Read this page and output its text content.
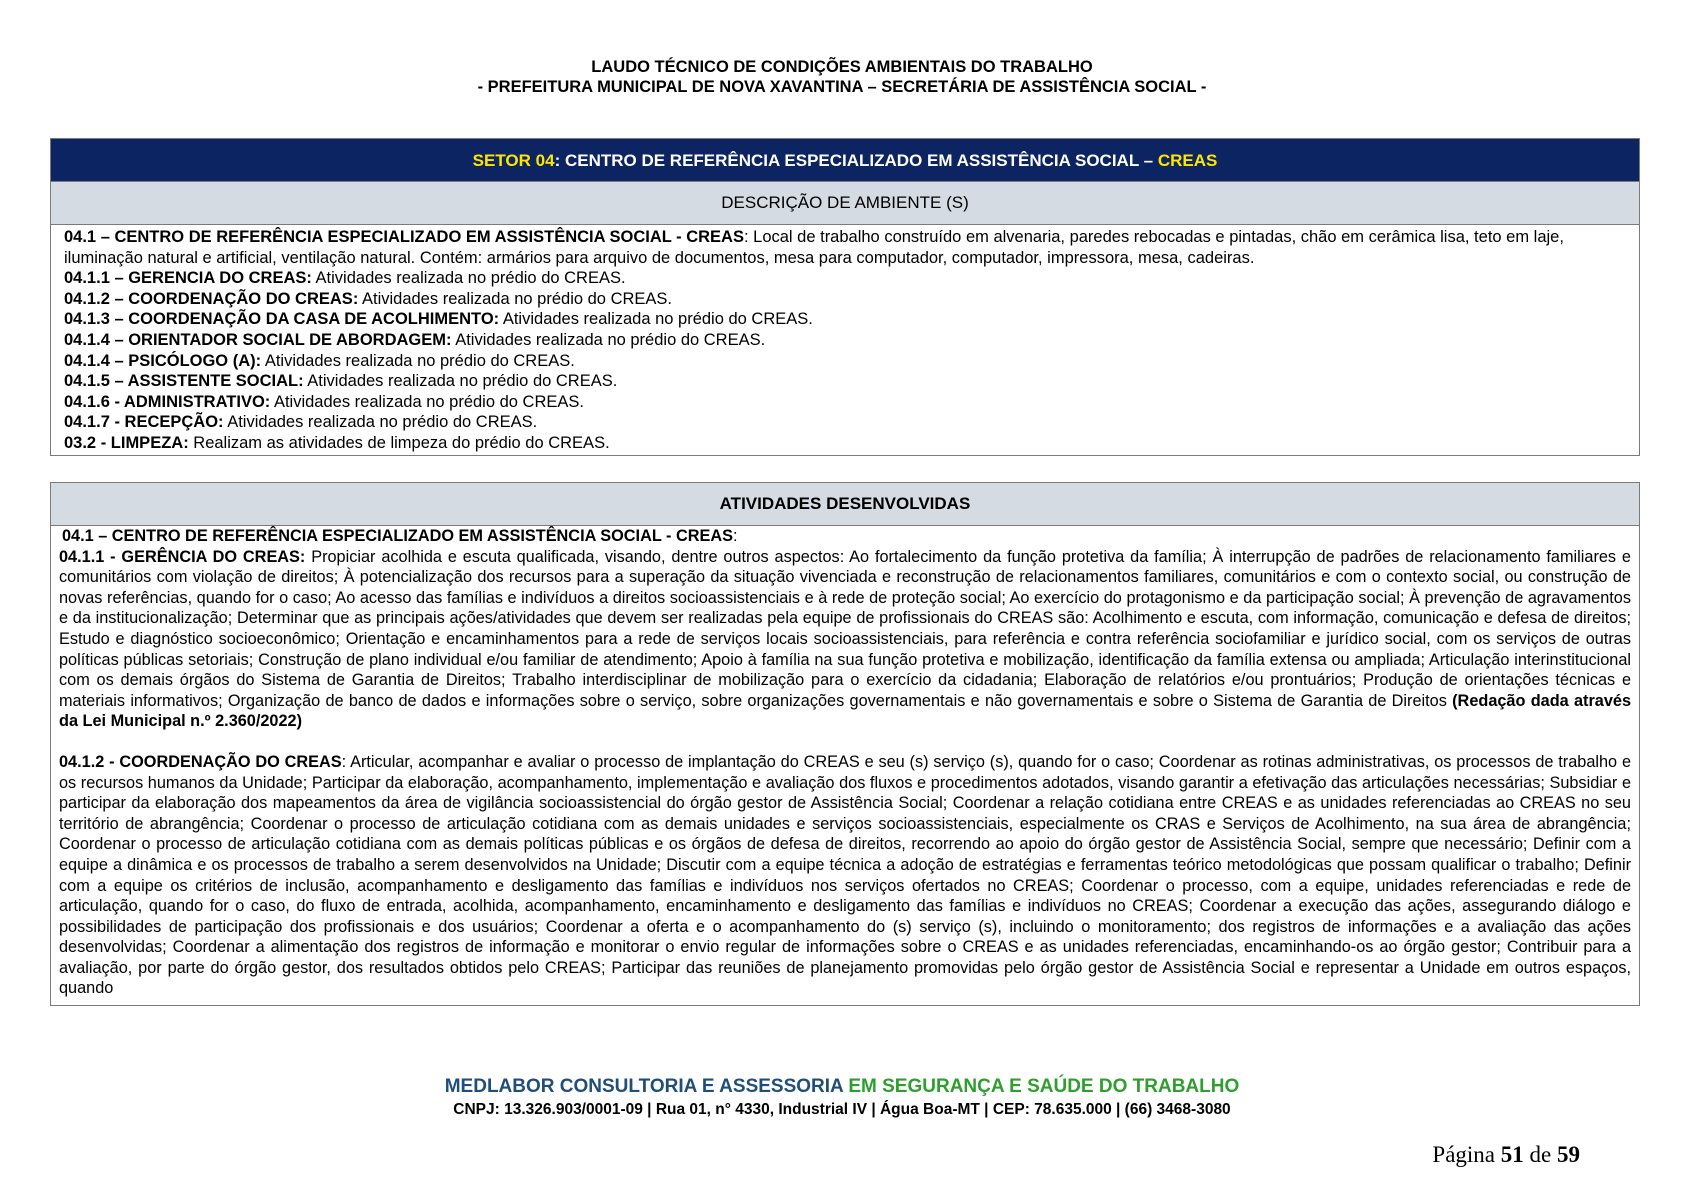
LAUDO TÉCNICO DE CONDIÇÕES AMBIENTAIS DO TRABALHO
- PREFEITURA MUNICIPAL DE NOVA XAVANTINA – SECRETÁRIA DE ASSISTÊNCIA SOCIAL -
SETOR 04: CENTRO DE REFERÊNCIA ESPECIALIZADO EM ASSISTÊNCIA SOCIAL – CREAS
DESCRIÇÃO DE AMBIENTE (S)

04.1 – CENTRO DE REFERÊNCIA ESPECIALIZADO EM ASSISTÊNCIA SOCIAL - CREAS: Local de trabalho construído em alvenaria, paredes rebocadas e pintadas, chão em cerâmica lisa, teto em laje, iluminação natural e artificial, ventilação natural. Contém: armários para arquivo de documentos, mesa para computador, computador, impressora, mesa, cadeiras.

04.1.1 – GERENCIA DO CREAS: Atividades realizada no prédio do CREAS.

04.1.2 – COORDENAÇÃO DO CREAS: Atividades realizada no prédio do CREAS.

04.1.3 – COORDENAÇÃO DA CASA DE ACOLHIMENTO: Atividades realizada no prédio do CREAS.

04.1.4 – ORIENTADOR SOCIAL DE ABORDAGEM: Atividades realizada no prédio do CREAS.

04.1.4 – PSICÓLOGO (A): Atividades realizada no prédio do CREAS.

04.1.5 – ASSISTENTE SOCIAL: Atividades realizada no prédio do CREAS.

04.1.6 - ADMINISTRATIVO: Atividades realizada no prédio do CREAS.

04.1.7 - RECEPÇÃO: Atividades realizada no prédio do CREAS.

03.2 - LIMPEZA: Realizam as atividades de limpeza do prédio do CREAS.

ATIVIDADES DESENVOLVIDAS

04.1 – CENTRO DE REFERÊNCIA ESPECIALIZADO EM ASSISTÊNCIA SOCIAL - CREAS:

04.1.1 - GERÊNCIA DO CREAS: Propiciar acolhida e escuta qualificada, visando, dentre outros aspectos: Ao fortalecimento da função protetiva da família; À interrupção de padrões de relacionamento familiares e comunitários com violação de direitos; À potencialização dos recursos para a superação da situação vivenciada e reconstrução de relacionamentos familiares, comunitários e com o contexto social, ou construção de novas referências, quando for o caso; Ao acesso das famílias e indivíduos a direitos socioassistenciais e à rede de proteção social; Ao exercício do protagonismo e da participação social; À prevenção de agravamentos e da institucionalização; Determinar que as principais ações/atividades que devem ser realizadas pela equipe de profissionais do CREAS são: Acolhimento e escuta, com informação, comunicação e defesa de direitos; Estudo e diagnóstico socioeconômico; Orientação e encaminhamentos para a rede de serviços locais socioassistenciais, para referência e contra referência sociofamiliar e jurídico social, com os serviços de outras políticas públicas setoriais; Construção de plano individual e/ou familiar de atendimento; Apoio à família na sua função protetiva e mobilização, identificação da família extensa ou ampliada; Articulação interinstitucional com os demais órgãos do Sistema de Garantia de Direitos; Trabalho interdisciplinar de mobilização para o exercício da cidadania; Elaboração de relatórios e/ou prontuários; Produção de orientações técnicas e materiais informativos; Organização de banco de dados e informações sobre o serviço, sobre organizações governamentais e não governamentais e sobre o Sistema de Garantia de Direitos (Redação dada através da Lei Municipal n.º 2.360/2022)

04.1.2 - COORDENAÇÃO DO CREAS: Articular, acompanhar e avaliar o processo de implantação do CREAS e seu (s) serviço (s), quando for o caso; Coordenar as rotinas administrativas, os processos de trabalho e os recursos humanos da Unidade; Participar da elaboração, acompanhamento, implementação e avaliação dos fluxos e procedimentos adotados, visando garantir a efetivação das articulações necessárias; Subsidiar e participar da elaboração dos mapeamentos da área de vigilância socioassistencial do órgão gestor de Assistência Social; Coordenar a relação cotidiana entre CREAS e as unidades referenciadas ao CREAS no seu território de abrangência; Coordenar o processo de articulação cotidiana com as demais unidades e serviços socioassistenciais, especialmente os CRAS e Serviços de Acolhimento, na sua área de abrangência; Coordenar o processo de articulação cotidiana com as demais políticas públicas e os órgãos de defesa de direitos, recorrendo ao apoio do órgão gestor de Assistência Social, sempre que necessário; Definir com a equipe a dinâmica e os processos de trabalho a serem desenvolvidos na Unidade; Discutir com a equipe técnica a adoção de estratégias e ferramentas teórico metodológicas que possam qualificar o trabalho; Definir com a equipe os critérios de inclusão, acompanhamento e desligamento das famílias e indivíduos nos serviços ofertados no CREAS; Coordenar o processo, com a equipe, unidades referenciadas e rede de articulação, quando for o caso, do fluxo de entrada, acolhida, acompanhamento, encaminhamento e desligamento das famílias e indivíduos no CREAS; Coordenar a execução das ações, assegurando diálogo e possibilidades de participação dos profissionais e dos usuários; Coordenar a oferta e o acompanhamento do (s) serviço (s), incluindo o monitoramento; dos registros de informações e a avaliação das ações desenvolvidas; Coordenar a alimentação dos registros de informação e monitorar o envio regular de informações sobre o CREAS e as unidades referenciadas, encaminhando-os ao órgão gestor; Contribuir para a avaliação, por parte do órgão gestor, dos resultados obtidos pelo CREAS; Participar das reuniões de planejamento promovidas pelo órgão gestor de Assistência Social e representar a Unidade em outros espaços, quando

MEDLABOR CONSULTORIA E ASSESSORIA EM SEGURANÇA E SAÚDE DO TRABALHO
CNPJ: 13.326.903/0001-09 | Rua 01, n° 4330, Industrial IV | Água Boa-MT | CEP: 78.635.000 | (66) 3468-3080
Página 51 de 59
